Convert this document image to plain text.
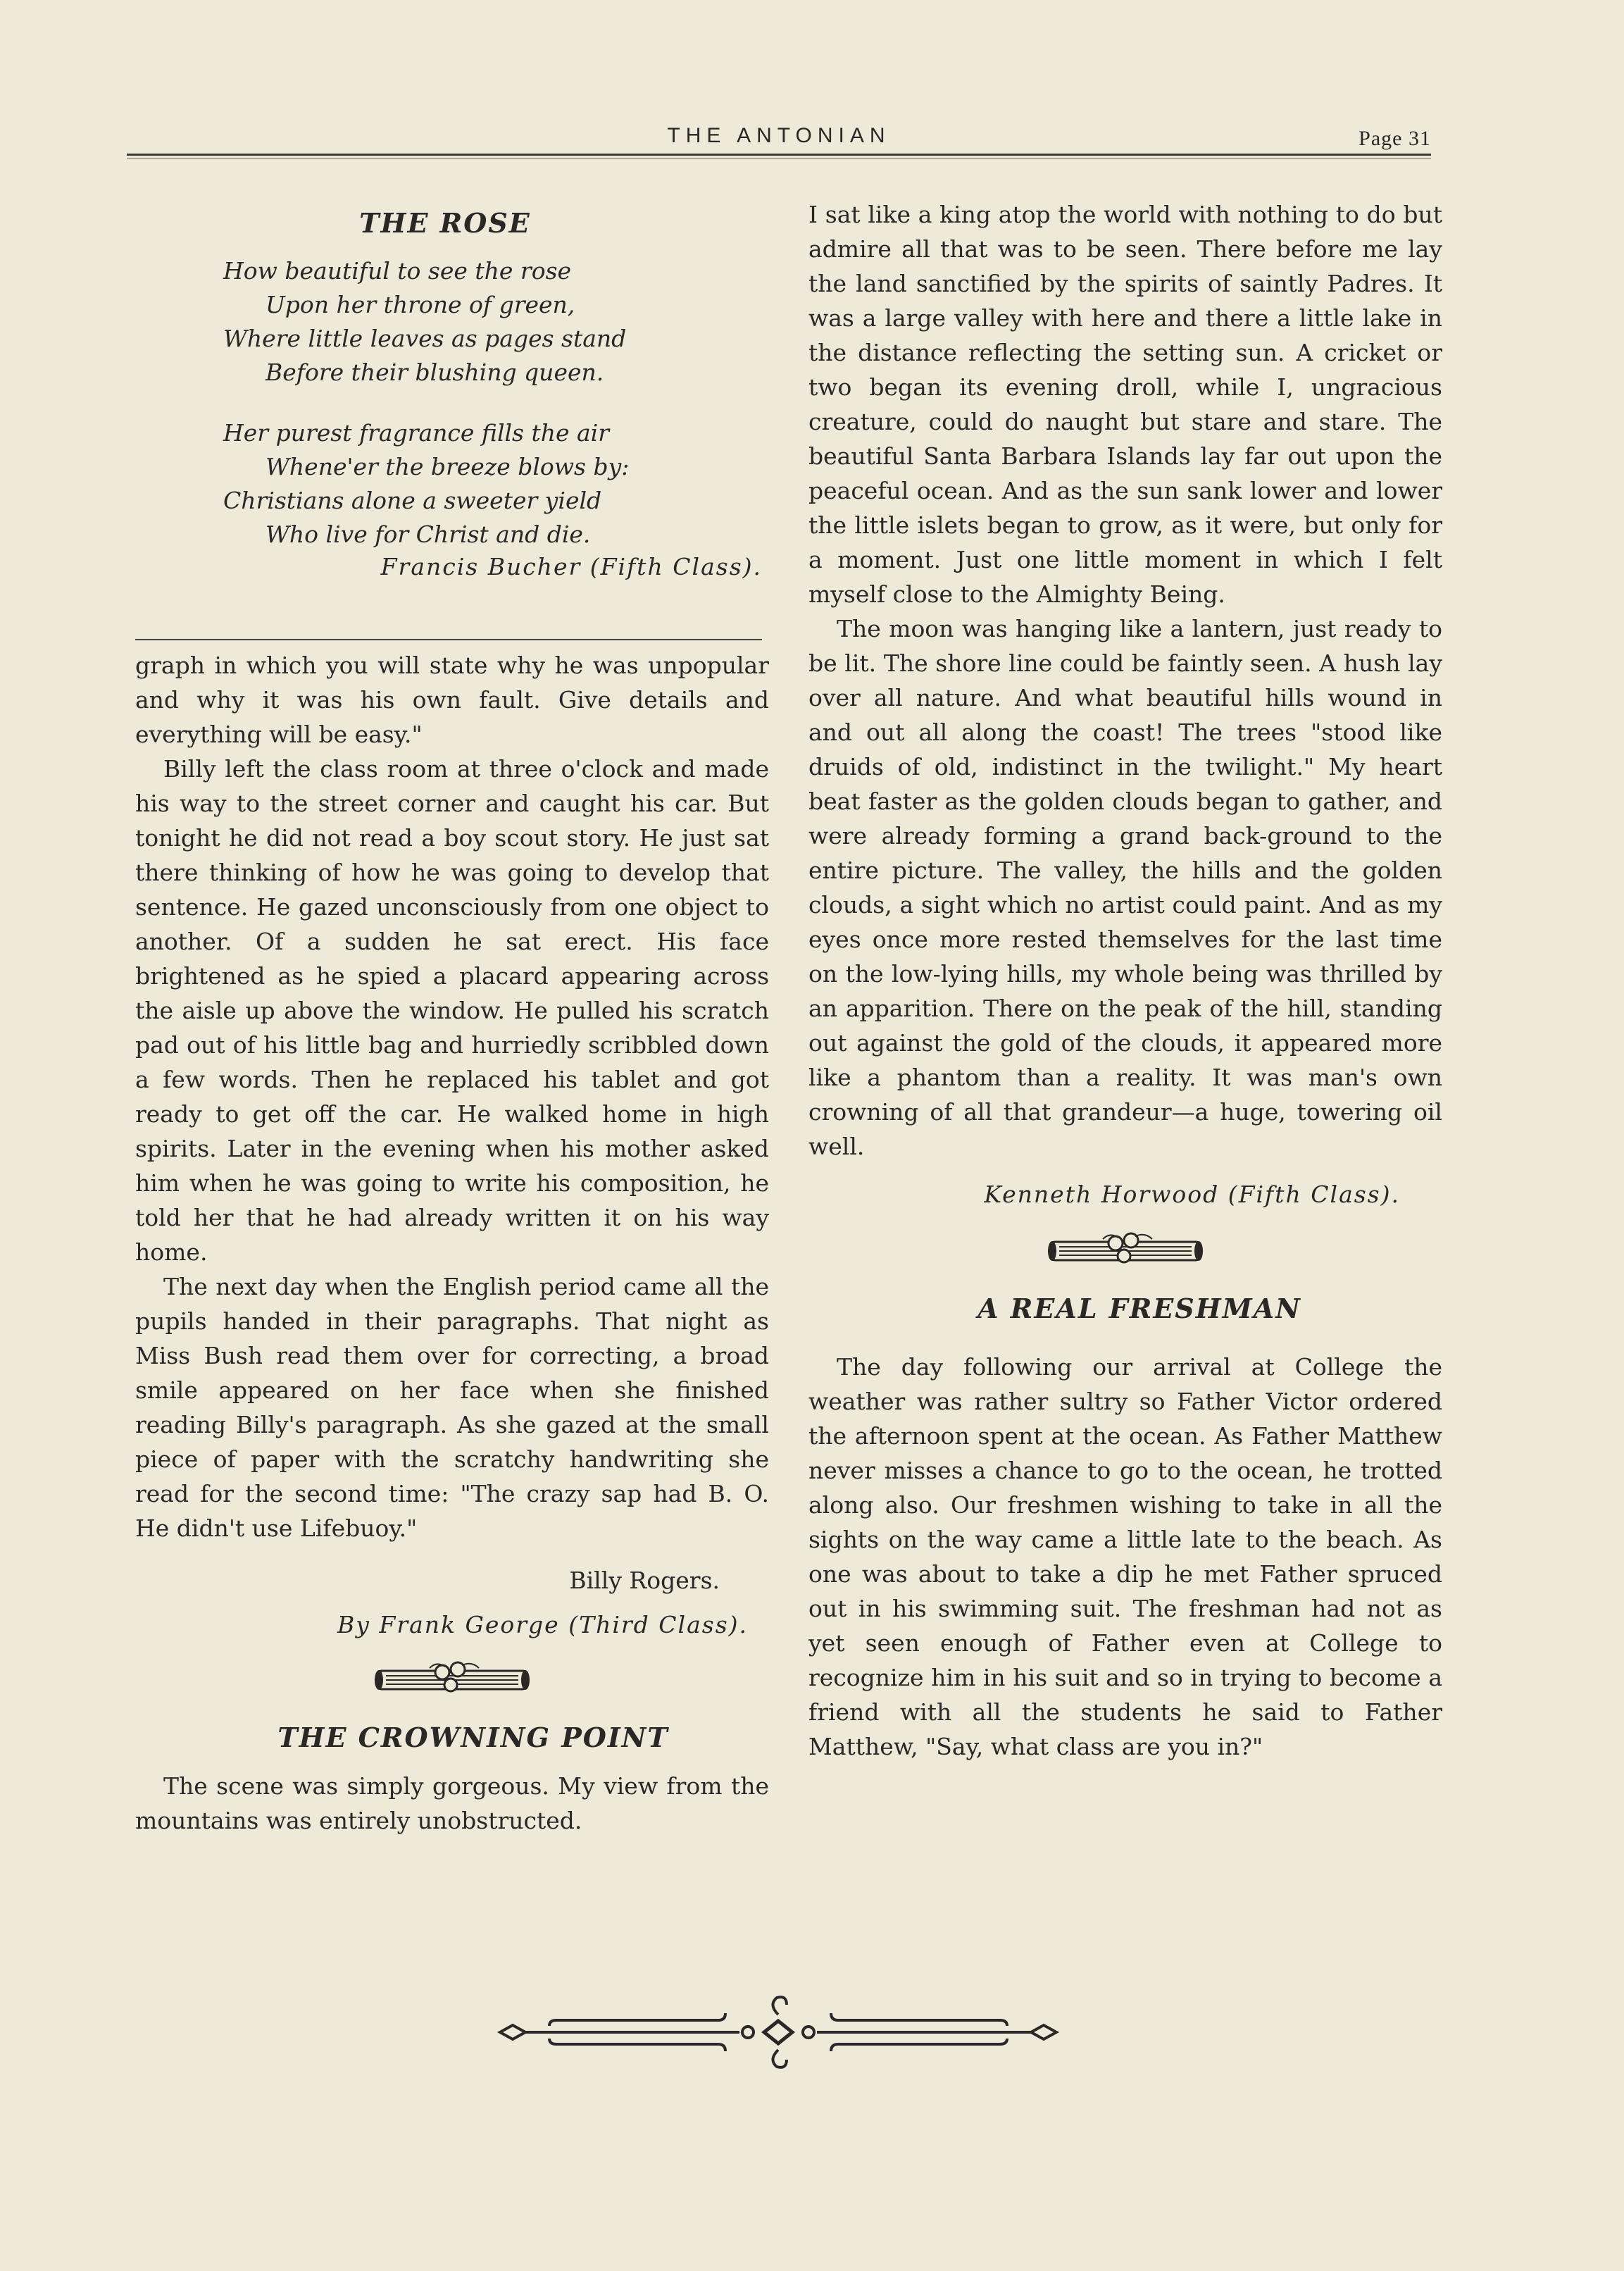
THE ANTONIAN	Page 31
THE ROSE
How beautiful to see the rose
Upon her throne of green,
Where little leaves as pages stand
Before their blushing queen.
Her purest fragrance fills the air
Whene'er the breeze blows by:
Christians alone a sweeter yield
Who live for Christ and die.
Francis Bucher (Fifth Class).

graph in which you will state why he was unpopular and why it was his own fault. Give details and everything will be easy."

Billy left the class room at three o'clock and made his way to the street corner and caught his car. But tonight he did not read a boy scout story. He just sat there thinking of how he was going to develop that sentence. He gazed unconsciously from one object to another. Of a sudden he sat erect. His face brightened as he spied a placard appearing across the aisle up above the window. He pulled his scratch pad out of his little bag and hurriedly scribbled down a few words. Then he replaced his tablet and got ready to get off the car. He walked home in high spirits. Later in the evening when his mother asked him when he was going to write his composition, he told her that he had already written it on his way home.

The next day when the English period came all the pupils handed in their paragraphs. That night as Miss Bush read them over for correcting, a broad smile appeared on her face when she finished reading Billy's paragraph. As she gazed at the small piece of paper with the scratchy handwriting she read for the second time: "The crazy sap had B. O. He didn't use Lifebuoy."

Billy Rogers.
By Frank George (Third Class).
THE CROWNING POINT

The scene was simply gorgeous. My view from the mountains was entirely unobstructed.

I sat like a king atop the world with nothing to do but admire all that was to be seen. There before me lay the land sanctified by the spirits of saintly Padres. It was a large valley with here and there a little lake in the distance reflecting the setting sun. A cricket or two began its evening droll, while I, ungracious creature, could do naught but stare and stare. The beautiful Santa Barbara Islands lay far out upon the peaceful ocean. And as the sun sank lower and lower the little islets began to grow, as it were, but only for a moment. Just one little moment in which I felt myself close to the Almighty Being.

The moon was hanging like a lantern, just ready to be lit. The shore line could be faintly seen. A hush lay over all nature. And what beautiful hills wound in and out all along the coast! The trees "stood like druids of old, indistinct in the twilight." My heart beat faster as the golden clouds began to gather, and were already forming a grand back-ground to the entire picture. The valley, the hills and the golden clouds, a sight which no artist could paint. And as my eyes once more rested themselves for the last time on the low-lying hills, my whole being was thrilled by an apparition. There on the peak of the hill, standing out against the gold of the clouds, it appeared more like a phantom than a reality. It was man's own crowning of all that grandeur—a huge, towering oil well.

Kenneth Horwood (Fifth Class).
A REAL FRESHMAN

The day following our arrival at College the weather was rather sultry so Father Victor ordered the afternoon spent at the ocean. As Father Matthew never misses a chance to go to the ocean, he trotted along also. Our freshmen wishing to take in all the sights on the way came a little late to the beach. As one was about to take a dip he met Father spruced out in his swimming suit. The freshman had not as yet seen enough of Father even at College to recognize him in his suit and so in trying to become a friend with all the students he said to Father Matthew, "Say, what class are you in?"
